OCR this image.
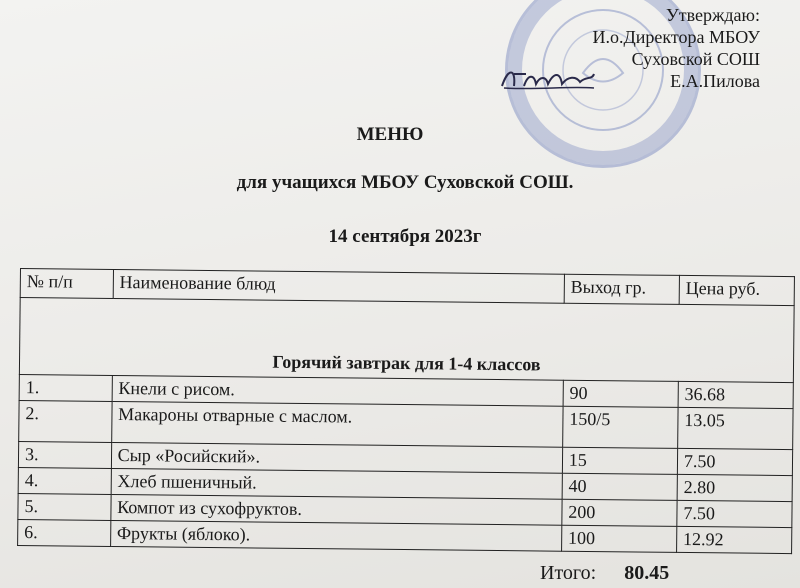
Утверждаю:
И.о.Директора МБОУ
Суховской СОШ
Е.А.Пилова
МЕНЮ
для учащихся МБОУ Суховской СОШ.
14 сентября 2023г
№ п/п	Наименование блюд	Выход гр.	Цена руб.
Горячий завтрак для 1-4 классов			
1.	Кнели с рисом.	90	36.68
2.	Макароны отварные с маслом.	150/5	13.05
3.	Сыр «Росийский».	15	7.50
4.	Хлеб пшеничный.	40	2.80
5.	Компот из сухофруктов.	200	7.50
6.	Фрукты (яблоко).	100	12.92
Итого: 80.45
